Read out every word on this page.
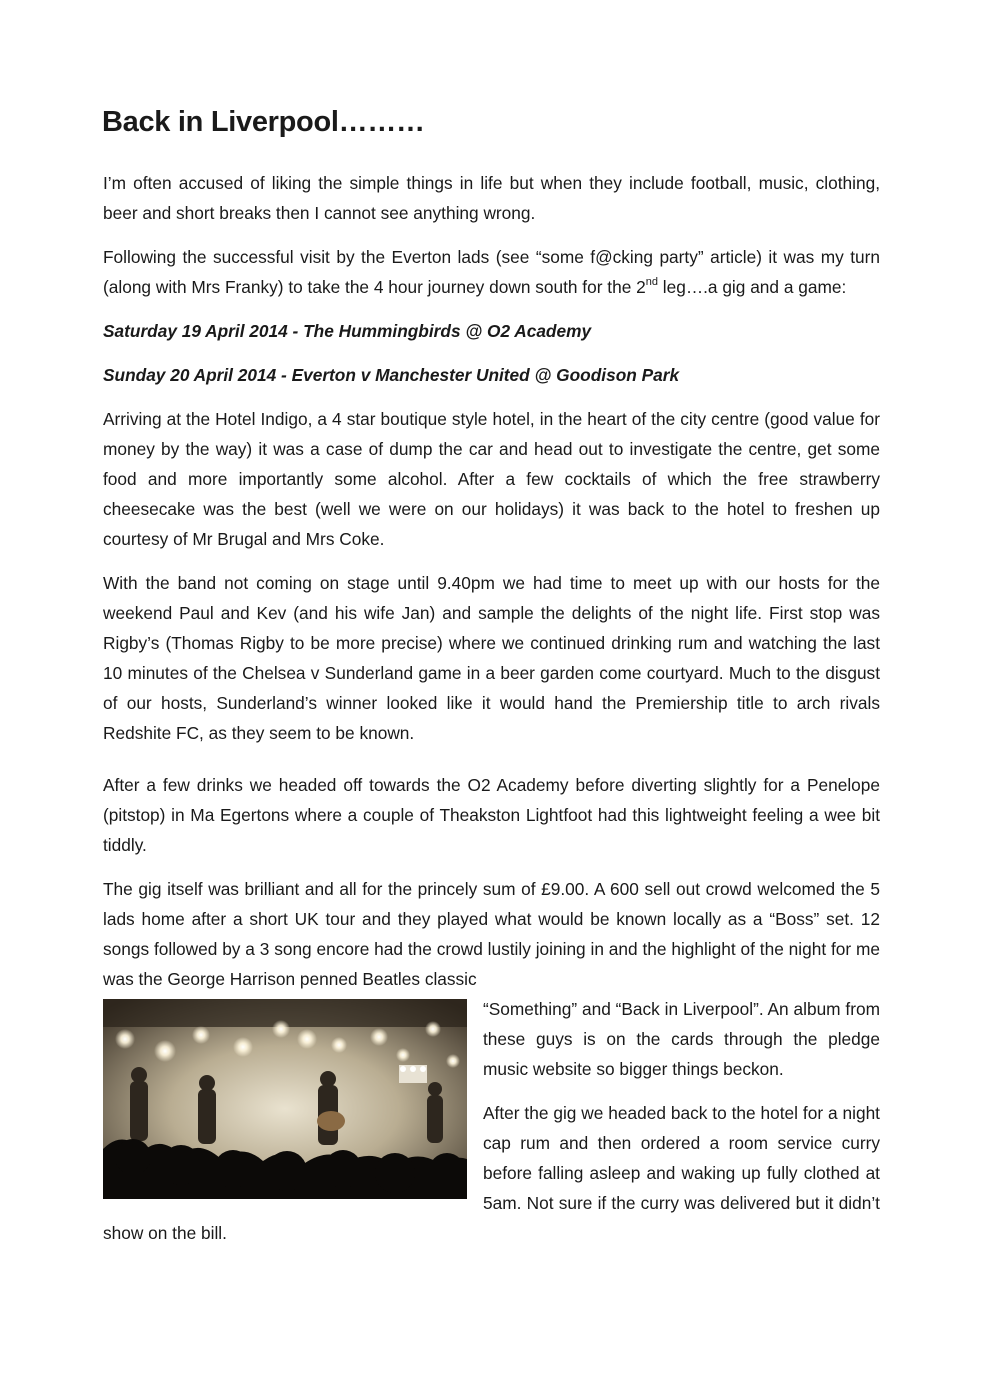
Back in Liverpool………

I’m often accused of liking the simple things in life but when they include football, music, clothing, beer and short breaks then I cannot see anything wrong.

Following the successful visit by the Everton lads (see “some f@cking party” article) it was my turn (along with Mrs Franky) to take the 4 hour journey down south for the 2nd leg….a gig and a game:

Saturday 19 April 2014 - The Hummingbirds @ O2 Academy

Sunday 20 April 2014 - Everton v Manchester United @ Goodison Park

Arriving at the Hotel Indigo, a 4 star boutique style hotel, in the heart of the city centre (good value for money by the way) it was a case of dump the car and head out to investigate the centre, get some food and more importantly some alcohol. After a few cocktails of which the free strawberry cheesecake was the best (well we were on our holidays) it was back to the hotel to freshen up courtesy of Mr Brugal and Mrs Coke.

With the band not coming on stage until 9.40pm we had time to meet up with our hosts for the weekend Paul and Kev (and his wife Jan) and sample the delights of the night life. First stop was Rigby’s (Thomas Rigby to be more precise) where we continued drinking rum and watching the last 10 minutes of the Chelsea v Sunderland game in a beer garden come courtyard. Much to the disgust of our hosts, Sunderland’s winner looked like it would hand the Premiership title to arch rivals Redshite FC, as they seem to be known.

After a few drinks we headed off towards the O2 Academy before diverting slightly for a Penelope (pitstop) in Ma Egertons where a couple of Theakston Lightfoot had this lightweight feeling a wee bit tiddly.

The gig itself was brilliant and all for the princely sum of £9.00. A 600 sell out crowd welcomed the 5 lads home after a short UK tour and they played what would be known locally as a “Boss” set. 12 songs followed by a 3 song encore had the crowd lustily joining in and the highlight of the night for me was the George Harrison penned Beatles classic

“Something” and “Back in Liverpool”. An album from these guys is on the cards through the pledge music website so bigger things beckon.

After the gig we headed back to the hotel for a night cap rum and then ordered a room service curry before falling asleep and waking up fully clothed at 5am. Not sure if the curry was delivered but it didn’t show on the bill.
